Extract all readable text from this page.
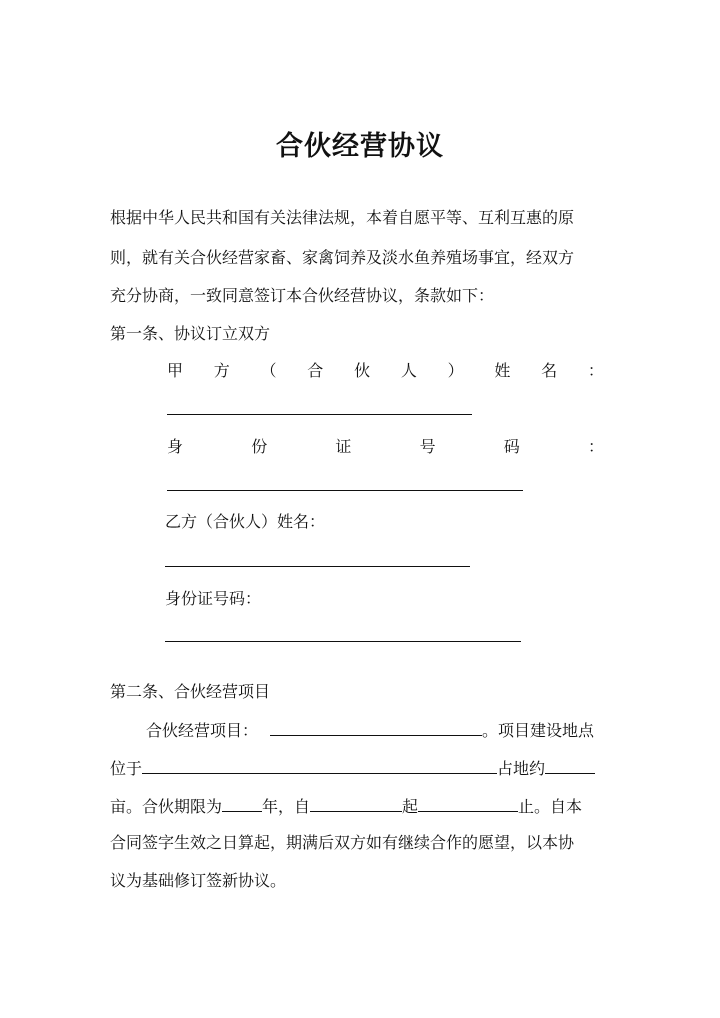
合伙经营协议
根据中华人民共和国有关法律法规，本着自愿平等、互利互惠的原
则，就有关合伙经营家畜、家禽饲养及淡水鱼养殖场事宜，经双方
充分协商，一致同意签订本合伙经营协议，条款如下：
第一条、协议订立双方
甲 方 （ 合 伙 人 ） 姓 名 ：
身	份	证	号	码	：
乙方（合伙人）姓名：
身份证号码：
第二条、合伙经营项目
合伙经营项目：	。项目建设地点
位于	占地约
亩。合伙期限为	年，自	起	止。自本
合同签字生效之日算起，期满后双方如有继续合作的愿望，以本协
议为基础修订签新协议。
